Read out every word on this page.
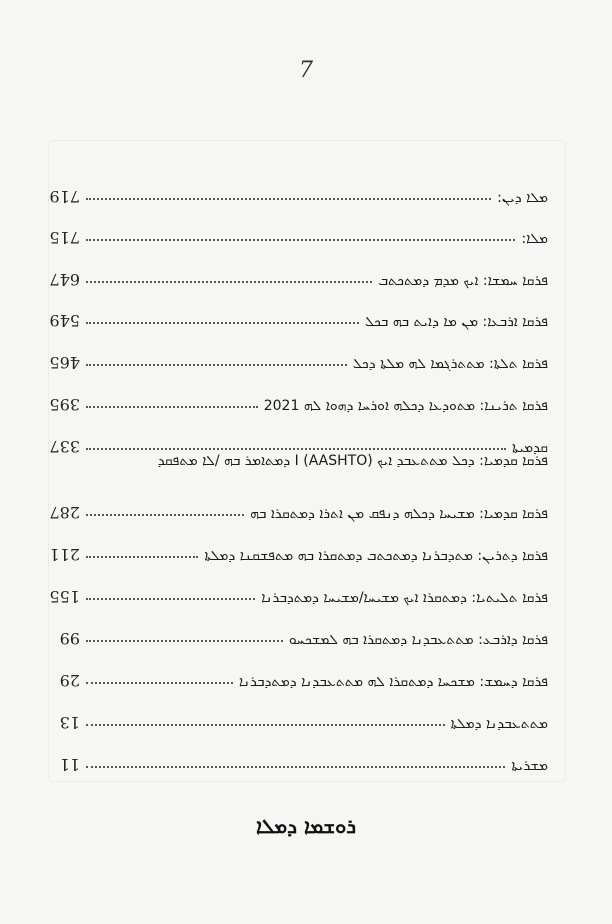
7
719	ܡܠܐ ܕܝܢ:
715	ܡܠܐ:
647	ܦܪܩܐ ܚܡܫܐ: ܐܝܟ ܡܕܡ ܕܡܬܟܬܒ
549	ܦܪܩܐ ܐܪܒܥܐ: ܡܢ ܡܐ ܕܐܝܬ ܒܗ ܒܟܠ
465	ܦܪܩܐ ܬܠܬܐ: ܡܬܬܪܓܡܐ ܠܗ ܡܠܬܐ ܕܟܠ
395	ܦܪܩܐ ܬܪܝܢܐ: ܡܬܘܕܥܐ ܕܟܠܗ ܐܘܪܚܐ ܕܗܘܐ ܠܗ 2021
337	ܩܕܡܝܬܐ
ܦܪܩܐ ܩܕܡܝܐ: ܕܟܠ ܡܬܬܥܒܕ ܐܝܟ I (AASHTO) ܕܡܬܐܡܪ ܒܗ /ܠܐ ܡܬܦܩܕ
287	ܦܪܩܐ ܩܕܡܝܐ: ܡܫܝܚܐ ܕܟܠܗ ܕܢܦܩ ܡܢ ܐܬܪܐ ܕܡܬܩܪܐ ܒܗ
211	ܦܪܩܐ ܕܬܪܝܢ: ܡܬܕܒܪܢܐ ܕܡܬܟܬܒ ܕܡܬܩܪܐ ܒܗ ܡܬܦܫܩܢܐ ܕܡܠܬܐ
155	ܦܪܩܐ ܬܠܝܬܝܐ: ܕܡܬܩܪܐ ܐܝܟ ܡܫܝܚܐ/ܡܫܝܚܐ ܕܡܬܕܒܪܢܐ
99	ܦܪܩܐ ܕܐܪܒܥ: ܡܬܬܥܒܕܢܐ ܕܡܬܩܪܐ ܒܗ ܠܡܫܟܚܘ
29	ܦܪܩܐ ܕܚܡܫ: ܡܫܟܚܐ ܕܡܬܩܪܐ ܠܗ ܡܬܬܥܒܕܢܐ ܕܡܬܕܒܪܢܐ
13	ܡܬܬܥܒܕܢܐ ܕܡܠܬܐ
11	ܡܫܪܝܬܐ
ܪܘܫܡܐ ܕܡܠܐ
